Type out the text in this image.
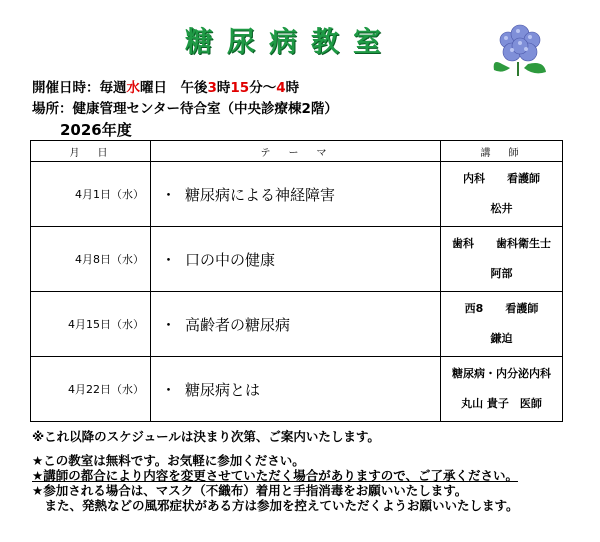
糖尿病教室
開催日時：毎週水曜日　午後3時15分～4時
場所：健康管理センター待合室（中央診療棟2階）
2026年度
月　日	テ　ー　マ	講　師
4月1日（水）	・ 糖尿病による神経障害	内科　　看護師
松井

4月8日（水）	・ 口の中の健康	歯科　　歯科衛生士
阿部

4月15日（水）	・ 高齢者の糖尿病	西8　　看護師
鎌迫

4月22日（水）	・ 糖尿病とは	糖尿病・内分泌内科
丸山 貴子　医師
※これ以降のスケジュールは決まり次第、ご案内いたします。
★この教室は無料です。お気軽に参加ください。
★講師の都合により内容を変更させていただく場合がありますので、ご了承ください。
★参加される場合は、マスク（不織布）着用と手指消毒をお願いいたします。
　また、発熱などの風邪症状がある方は参加を控えていただくようお願いいたします。
